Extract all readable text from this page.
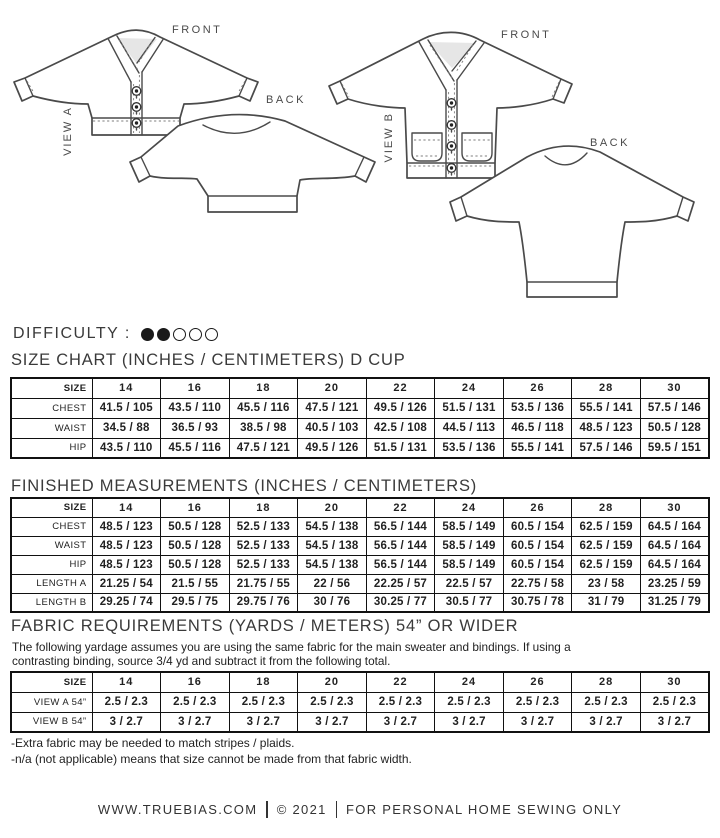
FRONT
BACK
VIEW A
FRONT
BACK
VIEW B
DIFFICULTY :
SIZE CHART (INCHES / CENTIMETERS) D CUP
SIZE	14	16	18	20	22	24	26	28	30
CHEST	41.5 / 105	43.5 / 110	45.5 / 116	47.5 / 121	49.5 / 126	51.5 / 131	53.5 / 136	55.5 / 141	57.5 / 146
WAIST	34.5 / 88	36.5 / 93	38.5 / 98	40.5 / 103	42.5 / 108	44.5 / 113	46.5 / 118	48.5 / 123	50.5 / 128
HIP	43.5 / 110	45.5 / 116	47.5 / 121	49.5 / 126	51.5 / 131	53.5 / 136	55.5 / 141	57.5 / 146	59.5 / 151
FINISHED MEASUREMENTS (INCHES / CENTIMETERS)
SIZE	14	16	18	20	22	24	26	28	30
CHEST	48.5 / 123	50.5 / 128	52.5 / 133	54.5 / 138	56.5 / 144	58.5 / 149	60.5 / 154	62.5 / 159	64.5 / 164
WAIST	48.5 / 123	50.5 / 128	52.5 / 133	54.5 / 138	56.5 / 144	58.5 / 149	60.5 / 154	62.5 / 159	64.5 / 164
HIP	48.5 / 123	50.5 / 128	52.5 / 133	54.5 / 138	56.5 / 144	58.5 / 149	60.5 / 154	62.5 / 159	64.5 / 164
LENGTH A	21.25 / 54	21.5 / 55	21.75 / 55	22 / 56	22.25 / 57	22.5 / 57	22.75 / 58	23 / 58	23.25 / 59
LENGTH B	29.25 / 74	29.5 / 75	29.75 / 76	30 / 76	30.25 / 77	30.5 / 77	30.75 / 78	31 / 79	31.25 / 79
FABRIC REQUIREMENTS (YARDS / METERS) 54” OR WIDER
The following yardage assumes you are using the same fabric for the main sweater and bindings. If using a
contrasting binding, source 3/4 yd and subtract it from the following total.
SIZE	14	16	18	20	22	24	26	28	30
VIEW A 54”	2.5 / 2.3	2.5 / 2.3	2.5 / 2.3	2.5 / 2.3	2.5 / 2.3	2.5 / 2.3	2.5 / 2.3	2.5 / 2.3	2.5 / 2.3
VIEW B 54”	3 / 2.7	3 / 2.7	3 / 2.7	3 / 2.7	3 / 2.7	3 / 2.7	3 / 2.7	3 / 2.7	3 / 2.7
-Extra fabric may be needed to match stripes / plaids.
-n/a (not applicable) means that size cannot be made from that fabric width.
WWW.TRUEBIAS.COM © 2021 FOR PERSONAL HOME SEWING ONLY
